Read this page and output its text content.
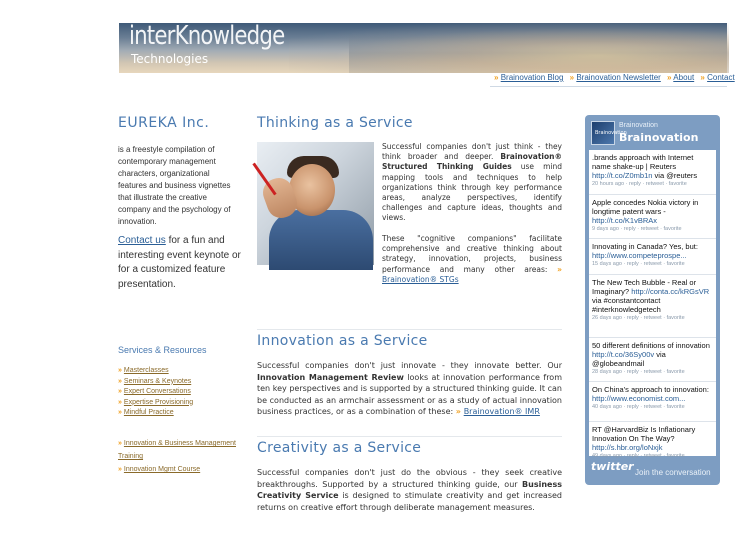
interKnowledge
Technologies
» Brainovation Blog » Brainovation Newsletter » About » Contact
EUREKA Inc.
is a freestyle compilation of contemporary management characters, organizational features and business vignettes that illustrate the creative company and the psychology of innovation.
Contact us for a fun and interesting event keynote or for a customized feature presentation.
Services & Resources
» Masterclasses
» Seminars & Keynotes
» Expert Conversations
» Expertise Provisioning
» Mindful Practice
» Innovation & Business Management Training
» Innovation Mgmt Course
Thinking as a Service
Successful companies don't just think - they think broader and deeper. Brainovation® Structured Thinking Guides use mind mapping tools and techniques to help organizations think through key performance areas, analyze perspectives, identify challenges and capture ideas, thoughts and views.
These "cognitive companions" facilitate comprehensive and creative thinking about strategy, innovation, projects, business performance and many other areas: » Brainovation® STGs
Innovation as a Service
Successful companies don't just innovate - they innovate better. Our Innovation Management Review looks at innovation performance from ten key perspectives and is supported by a structured thinking guide. It can be conducted as an armchair assessment or as a study of actual innovation business practices, or as a combination of these: » Brainovation® IMR
Creativity as a Service
Successful companies don't just do the obvious - they seek creative breakthroughs. Supported by a structured thinking guide, our Business Creativity Service is designed to stimulate creativity and get increased returns on creative effort through deliberate management measures.
Brainovation
Brainovation
Brainovation
.brands approach with Internet name shake-up | Reuters http://t.co/Z0mb1n via @reuters
20 hours ago · reply · retweet · favorite
Apple concedes Nokia victory in longtime patent wars - http://t.co/K1vBRAx
9 days ago · reply · retweet · favorite
Innovating in Canada? Yes, but: http://www.competeprospe...
15 days ago · reply · retweet · favorite
The New Tech Bubble - Real or Imaginary? http://conta.cc/kRGsVR via #constantcontact #interknowledgetech
26 days ago · reply · retweet · favorite
50 different definitions of innovation http://t.co/36Sy00v via @globeandmail
28 days ago · reply · retweet · favorite
On China's approach to innovation: http://www.economist.com...
40 days ago · reply · retweet · favorite
RT @HarvardBiz Is Inflationary Innovation On The Way? http://s.hbr.org/loNxjk
49 days ago · reply · retweet · favorite
twitter Join the conversation
